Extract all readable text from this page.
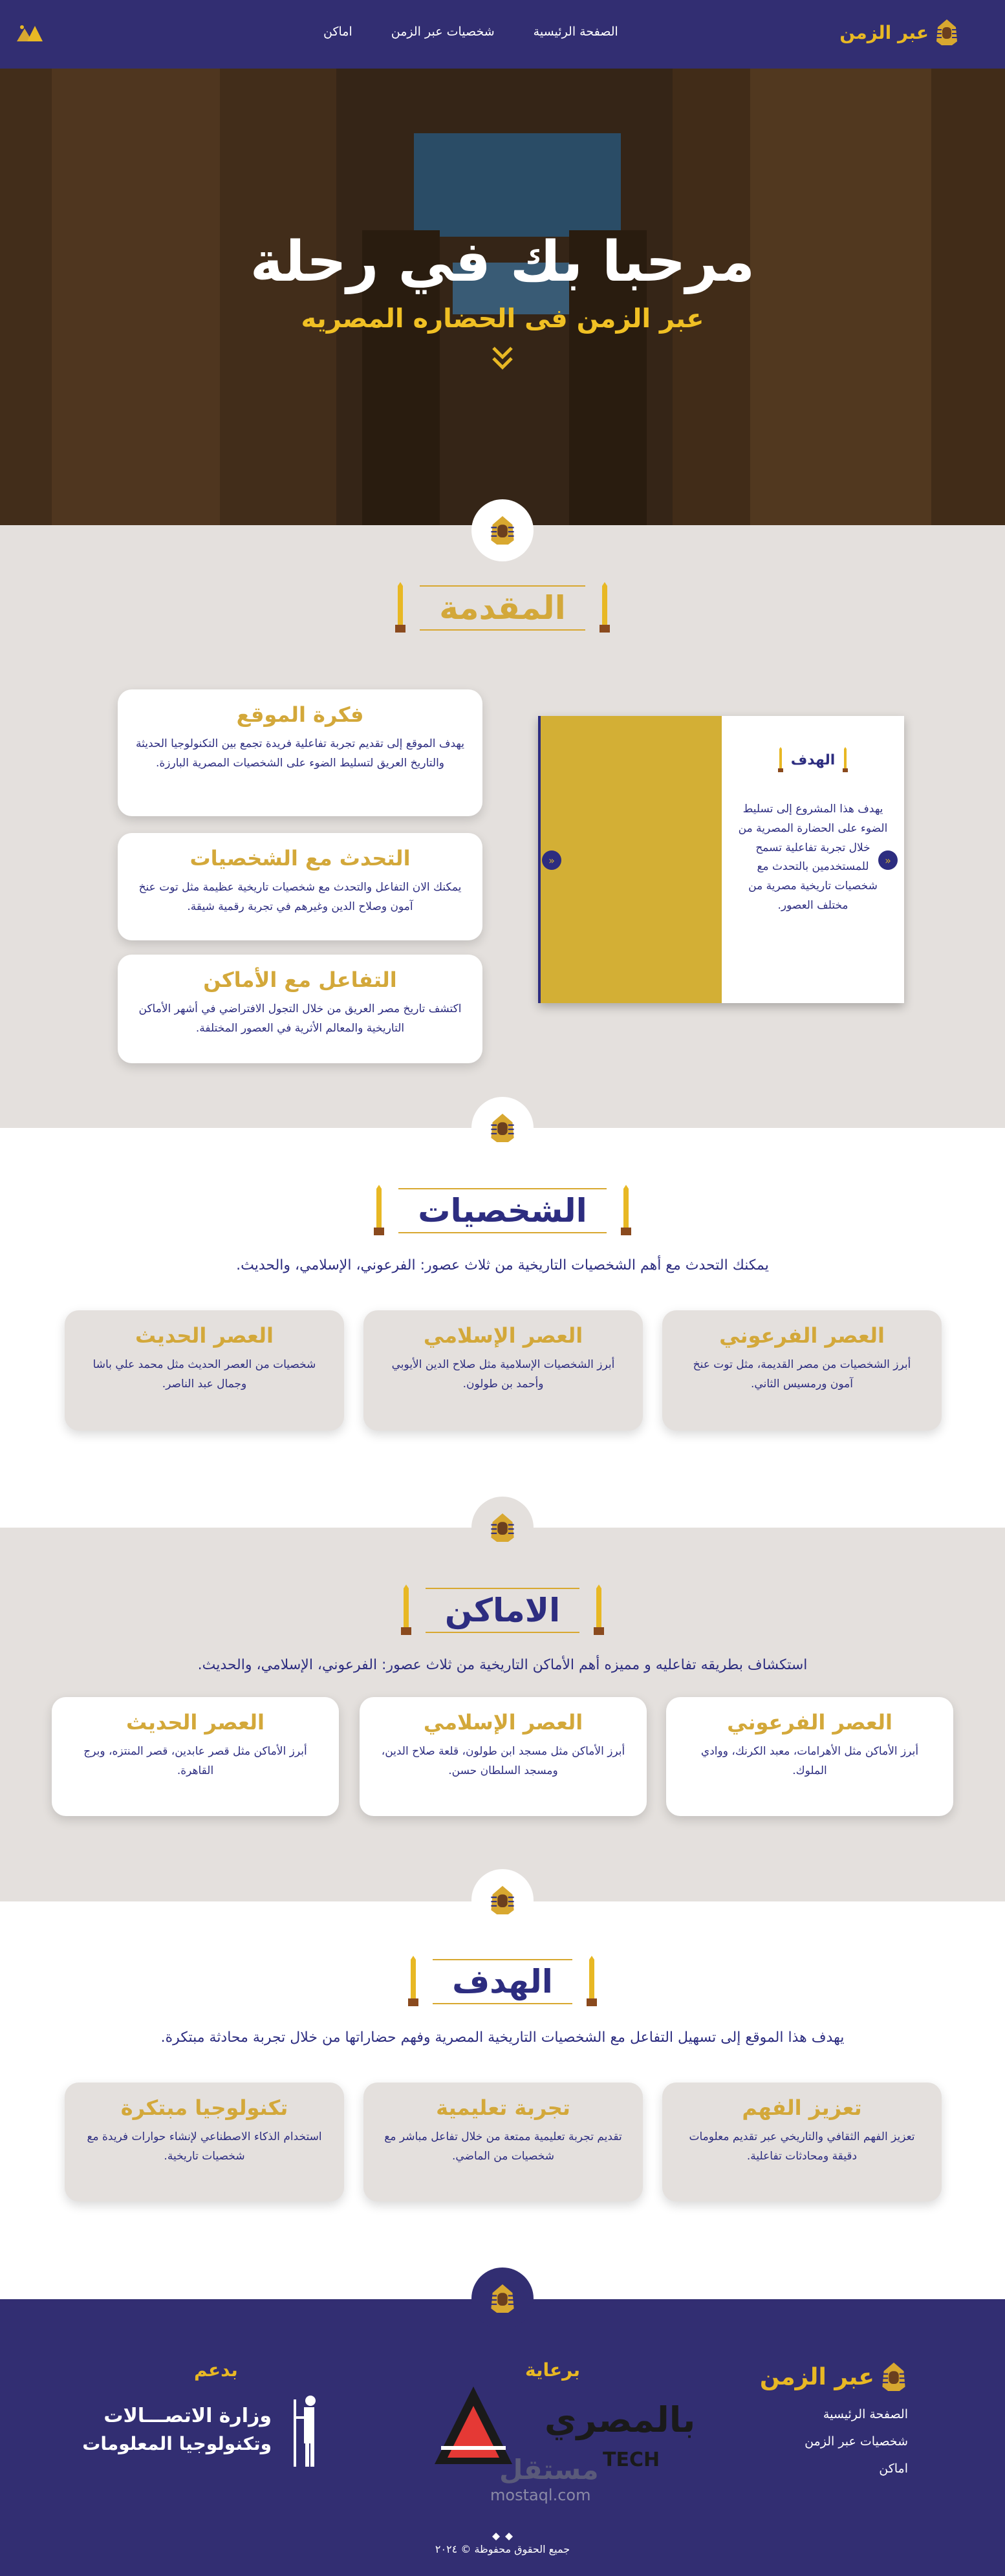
عبر الزمن
الصفحة الرئيسية
شخصيات عبر الزمن
اماكن
مرحبا بك في رحلة
عبر الزمن فى الحضاره المصريه
المقدمة
فكرة الموقع

يهدف الموقع إلى تقديم تجربة تفاعلية فريدة تجمع بين التكنولوجيا الحديثة والتاريخ العريق لتسليط الضوء على الشخصيات المصرية البارزة.

التحدث مع الشخصيات

يمكنك الان التفاعل والتحدث مع شخصيات تاريخية عظيمة مثل توت عنخ آمون وصلاح الدين وغيرهم في تجربة رقمية شيقة.

التفاعل مع الأماكن

اكتشف تاريخ مصر العريق من خلال التجول الافتراضي في أشهر الأماكن التاريخية والمعالم الأثرية في العصور المختلفة.

الهدف

يهدف هذا المشروع إلى تسليط الضوء على الحضارة المصرية من خلال تجربة تفاعلية تسمح للمستخدمين بالتحدث مع شخصيات تاريخية مصرية من مختلف العصور.

«	«
الشخصيات
يمكنك التحدث مع أهم الشخصيات التاريخية من ثلاث عصور: الفرعوني، الإسلامي، والحديث.
العصر الفرعوني

أبرز الشخصيات من مصر القديمة، مثل توت عنخ آمون ورمسيس الثاني.

العصر الإسلامي

أبرز الشخصيات الإسلامية مثل صلاح الدين الأيوبي وأحمد بن طولون.

العصر الحديث

شخصيات من العصر الحديث مثل محمد علي باشا وجمال عبد الناصر.

الاماكن
استكشاف بطريقه تفاعليه و مميزه أهم الأماكن التاريخية من ثلاث عصور: الفرعوني، الإسلامي، والحديث.
العصر الفرعوني

أبرز الأماكن مثل الأهرامات، معبد الكرنك، ووادي الملوك.

العصر الإسلامي

أبرز الأماكن مثل مسجد ابن طولون، قلعة صلاح الدين، ومسجد السلطان حسن.

العصر الحديث

أبرز الأماكن مثل قصر عابدين، قصر المنتزه، وبرج القاهرة.

الهدف
يهدف هذا الموقع إلى تسهيل التفاعل مع الشخصيات التاريخية المصرية وفهم حضاراتها من خلال تجربة محادثة مبتكرة.
تعزيز الفهم

تعزيز الفهم الثقافي والتاريخي عبر تقديم معلومات دقيقة ومحادثات تفاعلية.

تجربة تعليمية

تقديم تجربة تعليمية ممتعة من خلال تفاعل مباشر مع شخصيات من الماضي.

تكنولوجيا مبتكرة

استخدام الذكاء الاصطناعي لإنشاء حوارات فريدة مع شخصيات تاريخية.

عبر الزمن
الصفحة الرئيسية
شخصيات عبر الزمن
اماكن
برعاية
بالمصري
TECH
مستقل
mostaql.com
بدعم
وزارة الاتصـــالات
وتكنولوجيا المعلومات
جميع الحقوق محفوظة © ٢٠٢٤
